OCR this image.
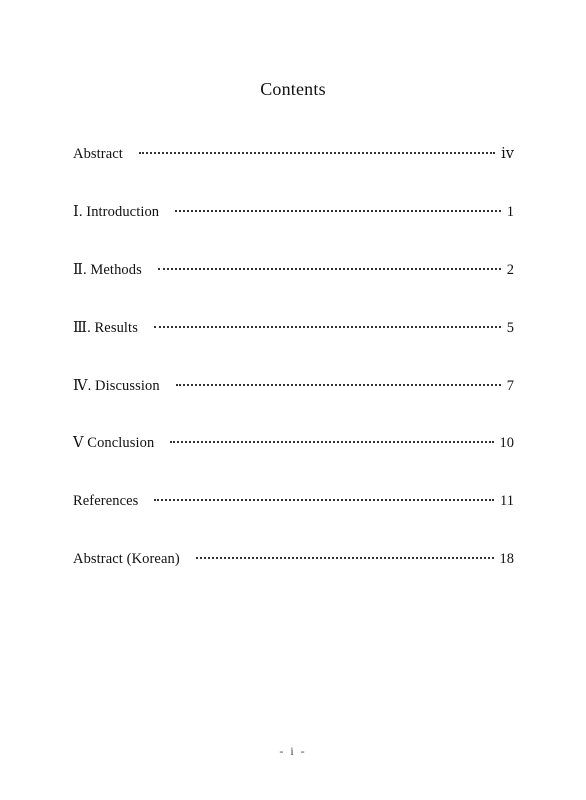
Contents
Abstract	ⅳ
Ⅰ. Introduction	1
Ⅱ. Methods	2
Ⅲ. Results	5
Ⅳ. Discussion	7
Ⅴ Conclusion	10
References	11
Abstract (Korean)	18
- i -
